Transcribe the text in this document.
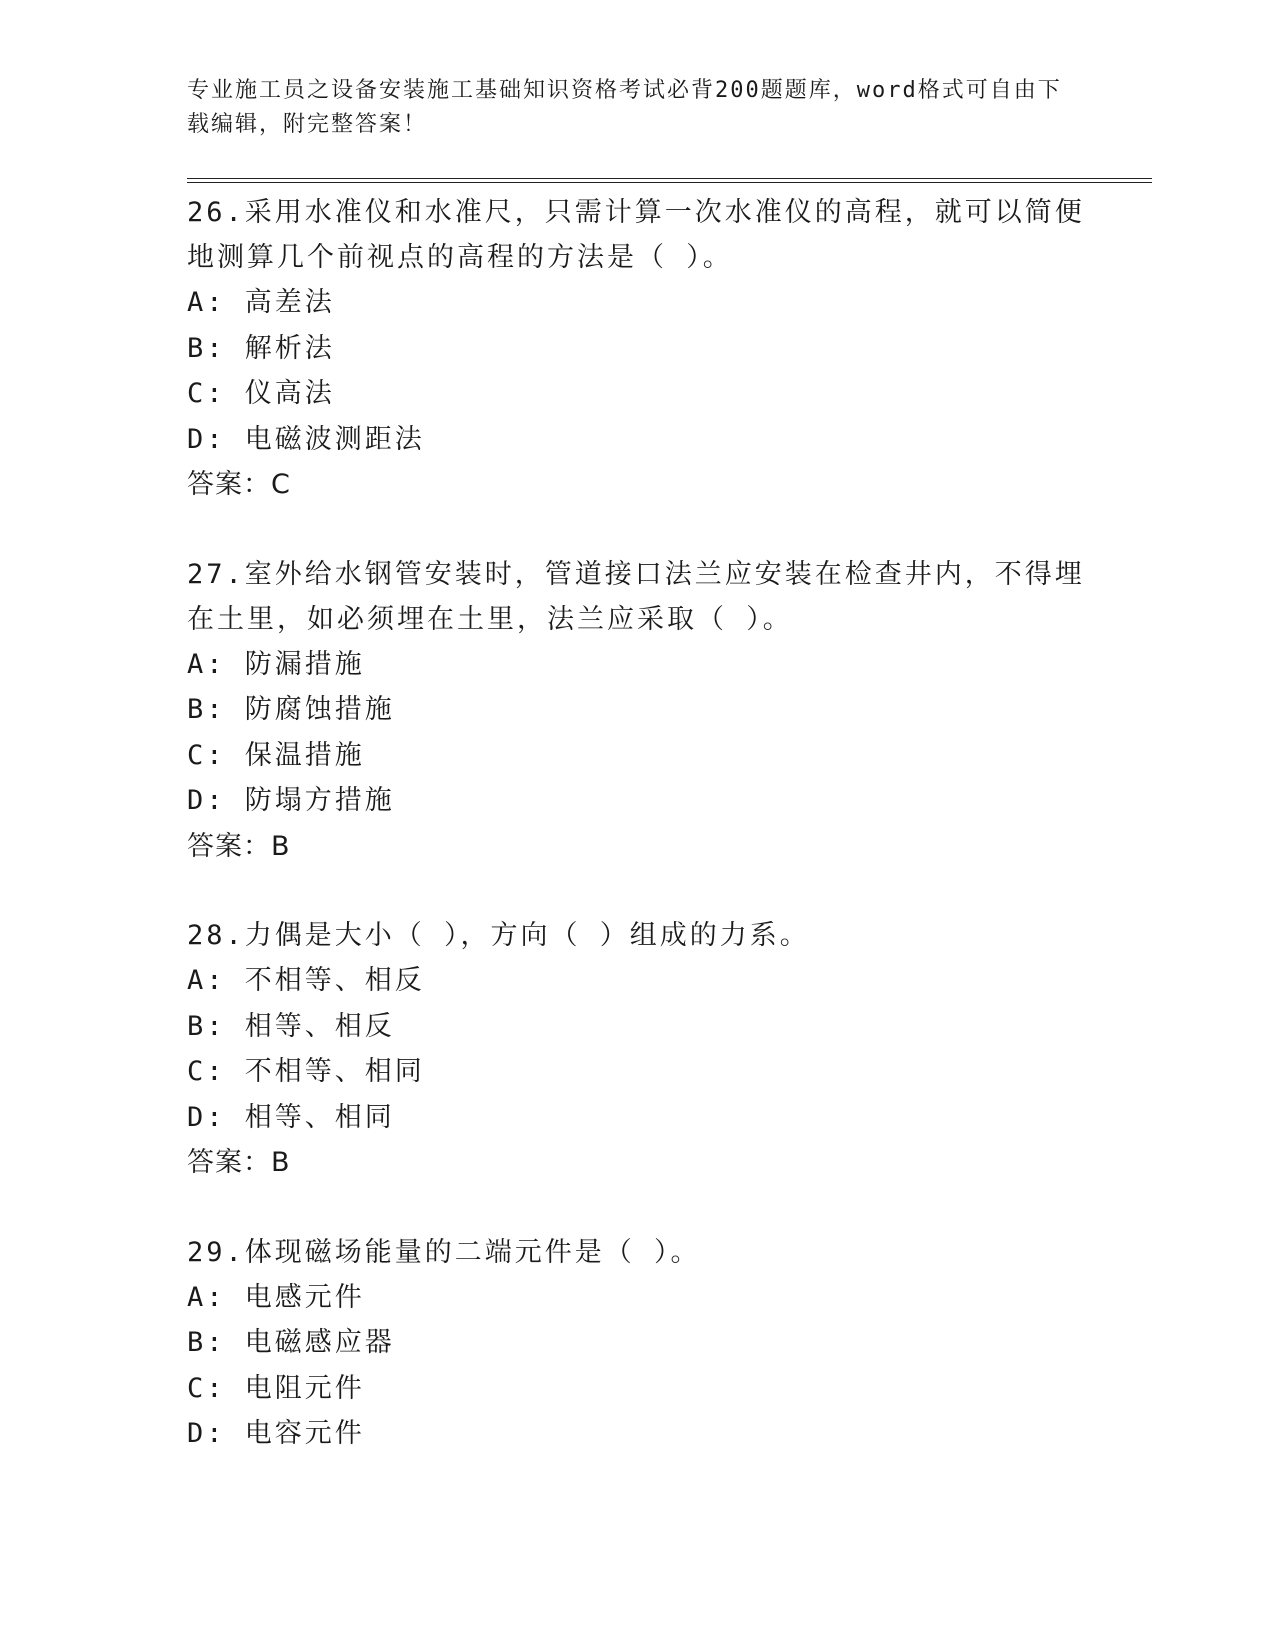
专业施工员之设备安装施工基础知识资格考试必背200题题库，word格式可自由下载编辑，附完整答案！
26.采用水准仪和水准尺，只需计算一次水准仪的高程，就可以简便地测算几个前视点的高程的方法是（ ）。
A: 高差法
B: 解析法
C: 仪高法
D: 电磁波测距法
答案：C
27.室外给水钢管安装时，管道接口法兰应安装在检查井内，不得埋在土里，如必须埋在土里，法兰应采取（ ）。
A: 防漏措施
B: 防腐蚀措施
C: 保温措施
D: 防塌方措施
答案：B
28.力偶是大小（ ），方向（ ）组成的力系。
A: 不相等、相反
B: 相等、相反
C: 不相等、相同
D: 相等、相同
答案：B
29.体现磁场能量的二端元件是（ ）。
A: 电感元件
B: 电磁感应器
C: 电阻元件
D: 电容元件
